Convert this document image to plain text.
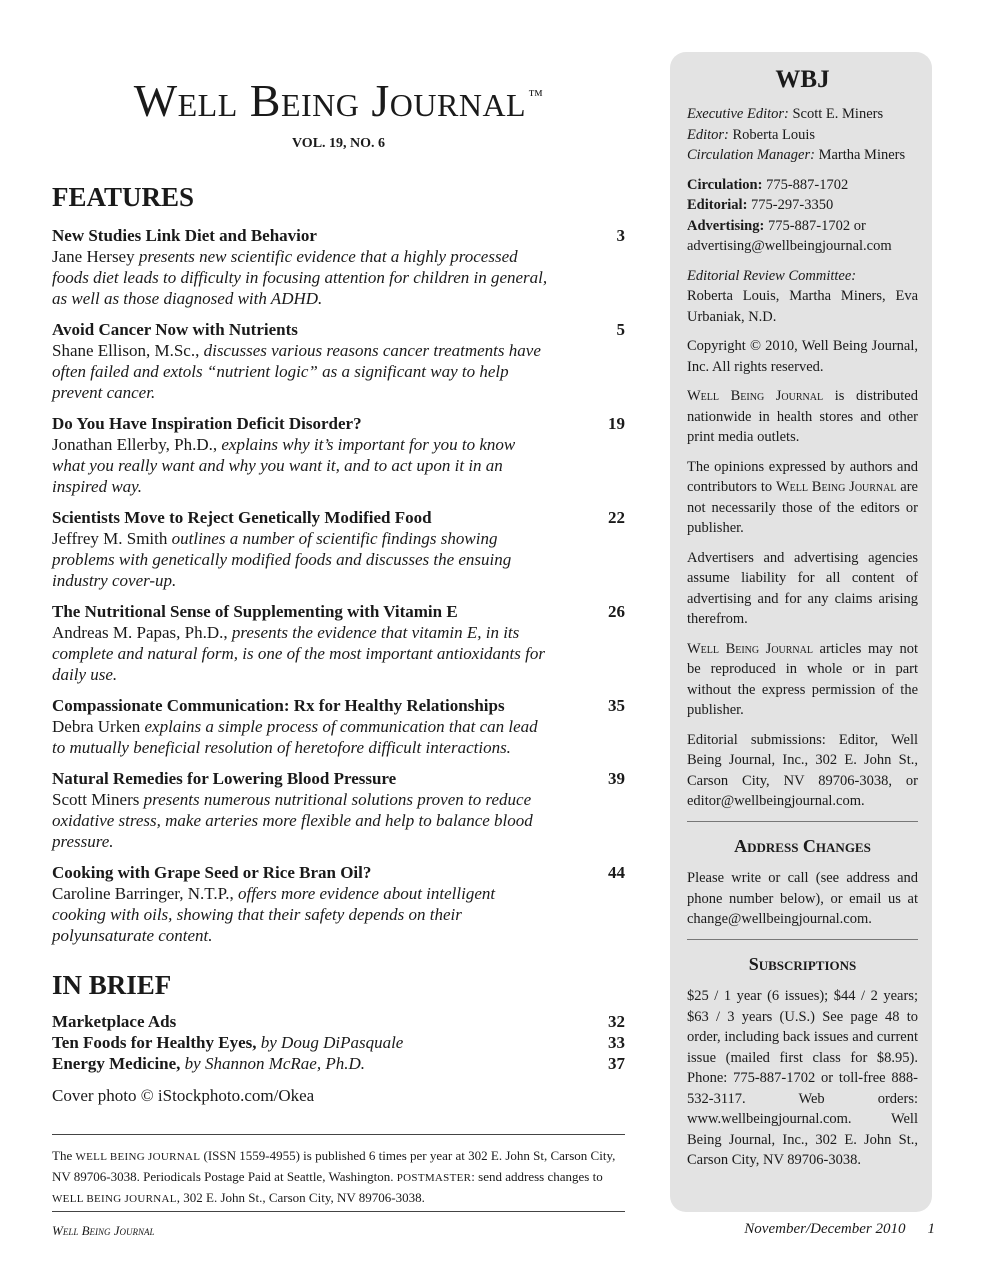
Well Being Journal ™
VOL. 19, NO. 6
FEATURES
New Studies Link Diet and Behavior	3
Jane Hersey presents new scientific evidence that a highly processed foods diet leads to difficulty in focusing attention for children in general, as well as those diagnosed with ADHD.
Avoid Cancer Now with Nutrients	5
Shane Ellison, M.Sc., discusses various reasons cancer treatments have often failed and extols “nutrient logic” as a significant way to help prevent cancer.
Do You Have Inspiration Deficit Disorder?	19
Jonathan Ellerby, Ph.D., explains why it’s important for you to know what you really want and why you want it, and to act upon it in an inspired way.
Scientists Move to Reject Genetically Modified Food	22
Jeffrey M. Smith outlines a number of scientific findings showing problems with genetically modified foods and discusses the ensuing industry cover-up.
The Nutritional Sense of Supplementing with Vitamin E	26
Andreas M. Papas, Ph.D., presents the evidence that vitamin E, in its complete and natural form, is one of the most important antioxidants for daily use.
Compassionate Communication: Rx for Healthy Relationships	35
Debra Urken explains a simple process of communication that can lead to mutually beneficial resolution of heretofore difficult interactions.
Natural Remedies for Lowering Blood Pressure	39
Scott Miners presents numerous nutritional solutions proven to reduce oxidative stress, make arteries more flexible and help to balance blood pressure.
Cooking with Grape Seed or Rice Bran Oil?	44
Caroline Barringer, N.T.P., offers more evidence about intelligent cooking with oils, showing that their safety depends on their polyunsaturate content.
IN BRIEF
Marketplace Ads	32
Ten Foods for Healthy Eyes, by Doug DiPasquale	33
Energy Medicine, by Shannon McRae, Ph.D.	37
Cover photo © iStockphoto.com/Okea
The WELL BEING JOURNAL (ISSN 1559-4955) is published 6 times per year at 302 E. John St, Carson City, NV 89706-3038. Periodicals Postage Paid at Seattle, Washington. POSTMASTER: send address changes to WELL BEING JOURNAL, 302 E. John St., Carson City, NV 89706-3038.
Well Being Journal	November/December 2010 1
WBJ
Executive Editor: Scott E. Miners
Editor: Roberta Louis
Circulation Manager: Martha Miners
Circulation: 775-887-1702
Editorial: 775-297-3350
Advertising: 775-887-1702 or advertising@wellbeingjournal.com
Editorial Review Committee:
Roberta Louis, Martha Miners, Eva Urbaniak, N.D.
Copyright © 2010, Well Being Journal, Inc. All rights reserved.
Well Being Journal is distributed nationwide in health stores and other print media outlets.
The opinions expressed by authors and contributors to Well Being Journal are not necessarily those of the editors or publisher.
Advertisers and advertising agencies assume liability for all content of advertising and for any claims arising therefrom.
Well Being Journal articles may not be reproduced in whole or in part without the express permission of the publisher.
Editorial submissions: Editor, Well Being Journal, Inc., 302 E. John St., Carson City, NV 89706-3038, or editor@wellbeingjournal.com.
Address Changes
Please write or call (see address and phone number below), or email us at change@wellbeingjournal.com.
Subscriptions
$25 / 1 year (6 issues); $44 / 2 years; $63 / 3 years (U.S.) See page 48 to order, including back issues and current issue (mailed first class for $8.95). Phone: 775-887-1702 or toll-free 888-532-3117. Web orders: www.wellbeingjournal.com. Well Being Journal, Inc., 302 E. John St., Carson City, NV 89706-3038.
